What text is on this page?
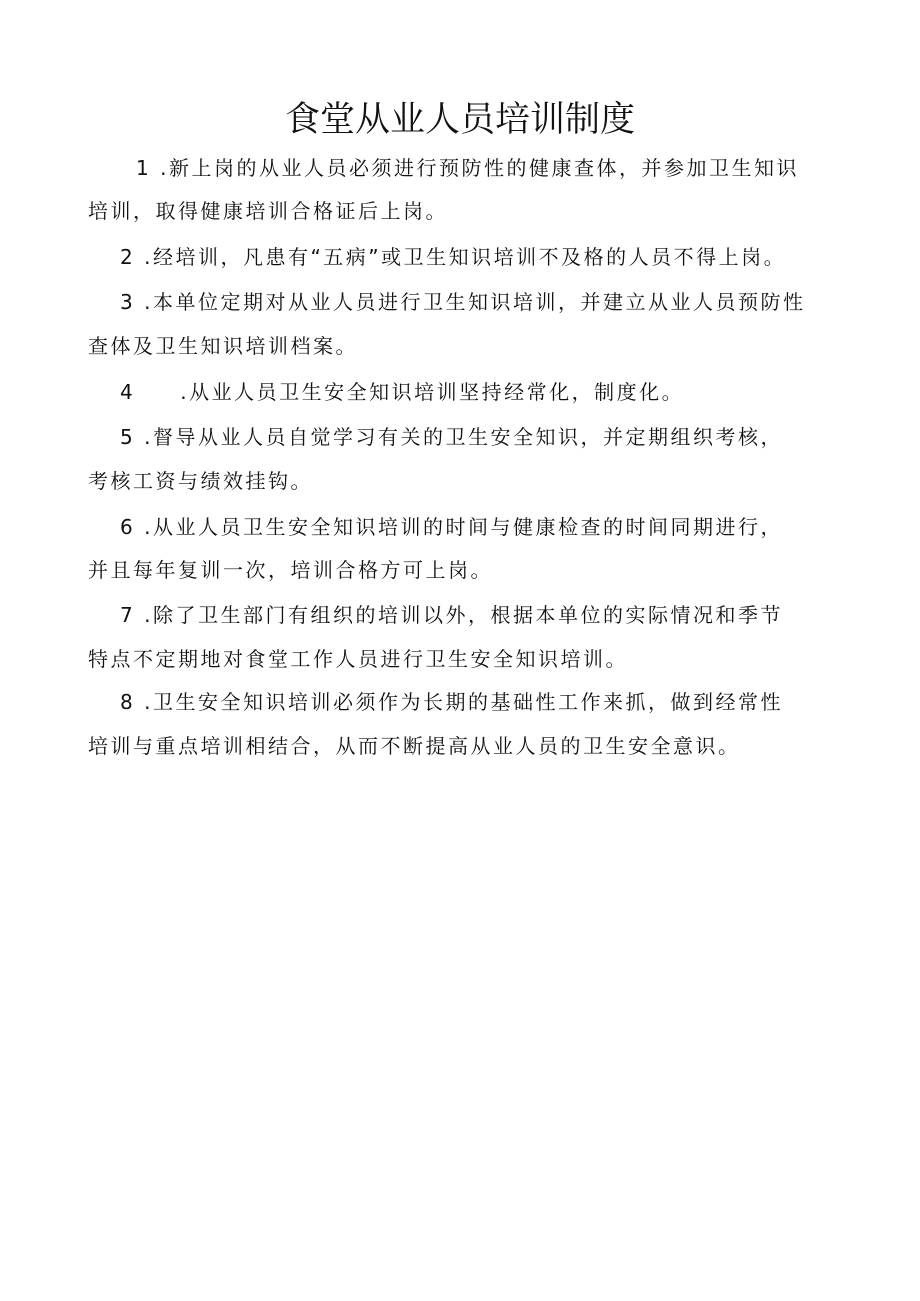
食堂从业人员培训制度
1 .新上岗的从业人员必须进行预防性的健康查体，并参加卫生知识
培训，取得健康培训合格证后上岗。
2 .经培训，凡患有“五病”或卫生知识培训不及格的人员不得上岗。
3 .本单位定期对从业人员进行卫生知识培训，并建立从业人员预防性
查体及卫生知识培训档案。
4　　.从业人员卫生安全知识培训坚持经常化，制度化。
5 .督导从业人员自觉学习有关的卫生安全知识，并定期组织考核，
考核工资与绩效挂钩。
6 .从业人员卫生安全知识培训的时间与健康检查的时间同期进行，
并且每年复训一次，培训合格方可上岗。
7 .除了卫生部门有组织的培训以外，根据本单位的实际情况和季节
特点不定期地对食堂工作人员进行卫生安全知识培训。
8 .卫生安全知识培训必须作为长期的基础性工作来抓，做到经常性
培训与重点培训相结合，从而不断提高从业人员的卫生安全意识。
